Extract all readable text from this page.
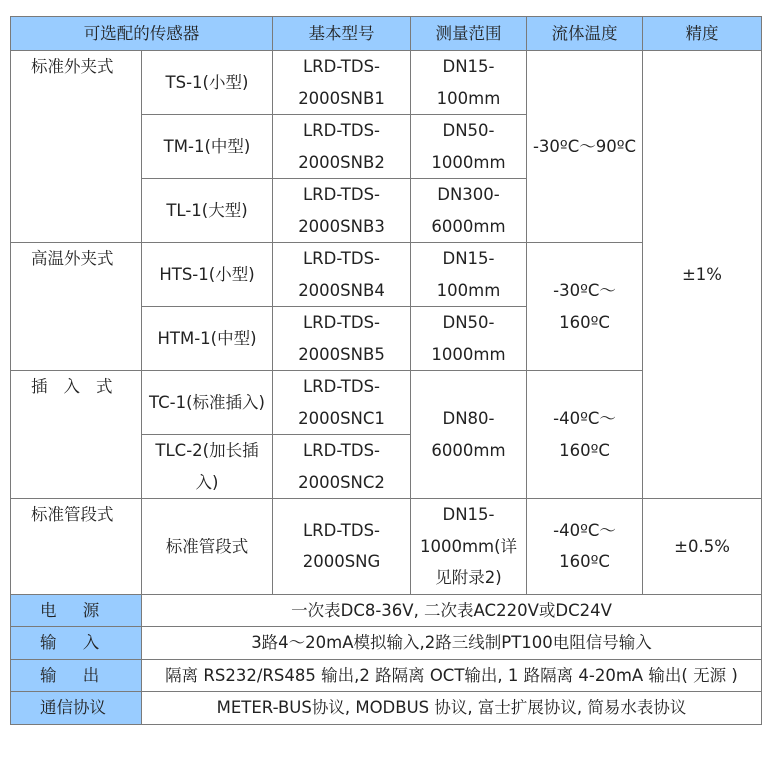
可选配的传感器		基本型号	测量范围	流体温度	精度
标准外夹式	TS-1(小型)	LRD-TDS-2000SNB1	DN15-100mm	-30ºC～90ºC	±1%
	TM-1(中型)	LRD-TDS-2000SNB2	DN50-1000mm		
	TL-1(大型)	LRD-TDS-2000SNB3	DN300-6000mm		
高温外夹式	HTS-1(小型)	LRD-TDS-2000SNB4	DN15-100mm	-30ºC～160ºC	
	HTM-1(中型)	LRD-TDS-2000SNB5	DN50-1000mm		
插 入 式	TC-1(标准插入)	LRD-TDS-2000SNC1	DN80-6000mm	-40ºC～160ºC	
	TLC-2(加长插入)	LRD-TDS-2000SNC2			
标准管段式	标准管段式	LRD-TDS-2000SNG	DN15-1000mm(详见附录2)	-40ºC～160ºC	±0.5%
电 源	一次表DC8-36V, 二次表AC220V或DC24V				
输 入	3路4～20mA模拟输入,2路三线制PT100电阻信号输入				
输 出	隔离 RS232/RS485 输出,2 路隔离 OCT输出, 1 路隔离 4-20mA 输出( 无源 )				
通信协议	METER-BUS协议, MODBUS 协议, 富士扩展协议, 简易水表协议				
